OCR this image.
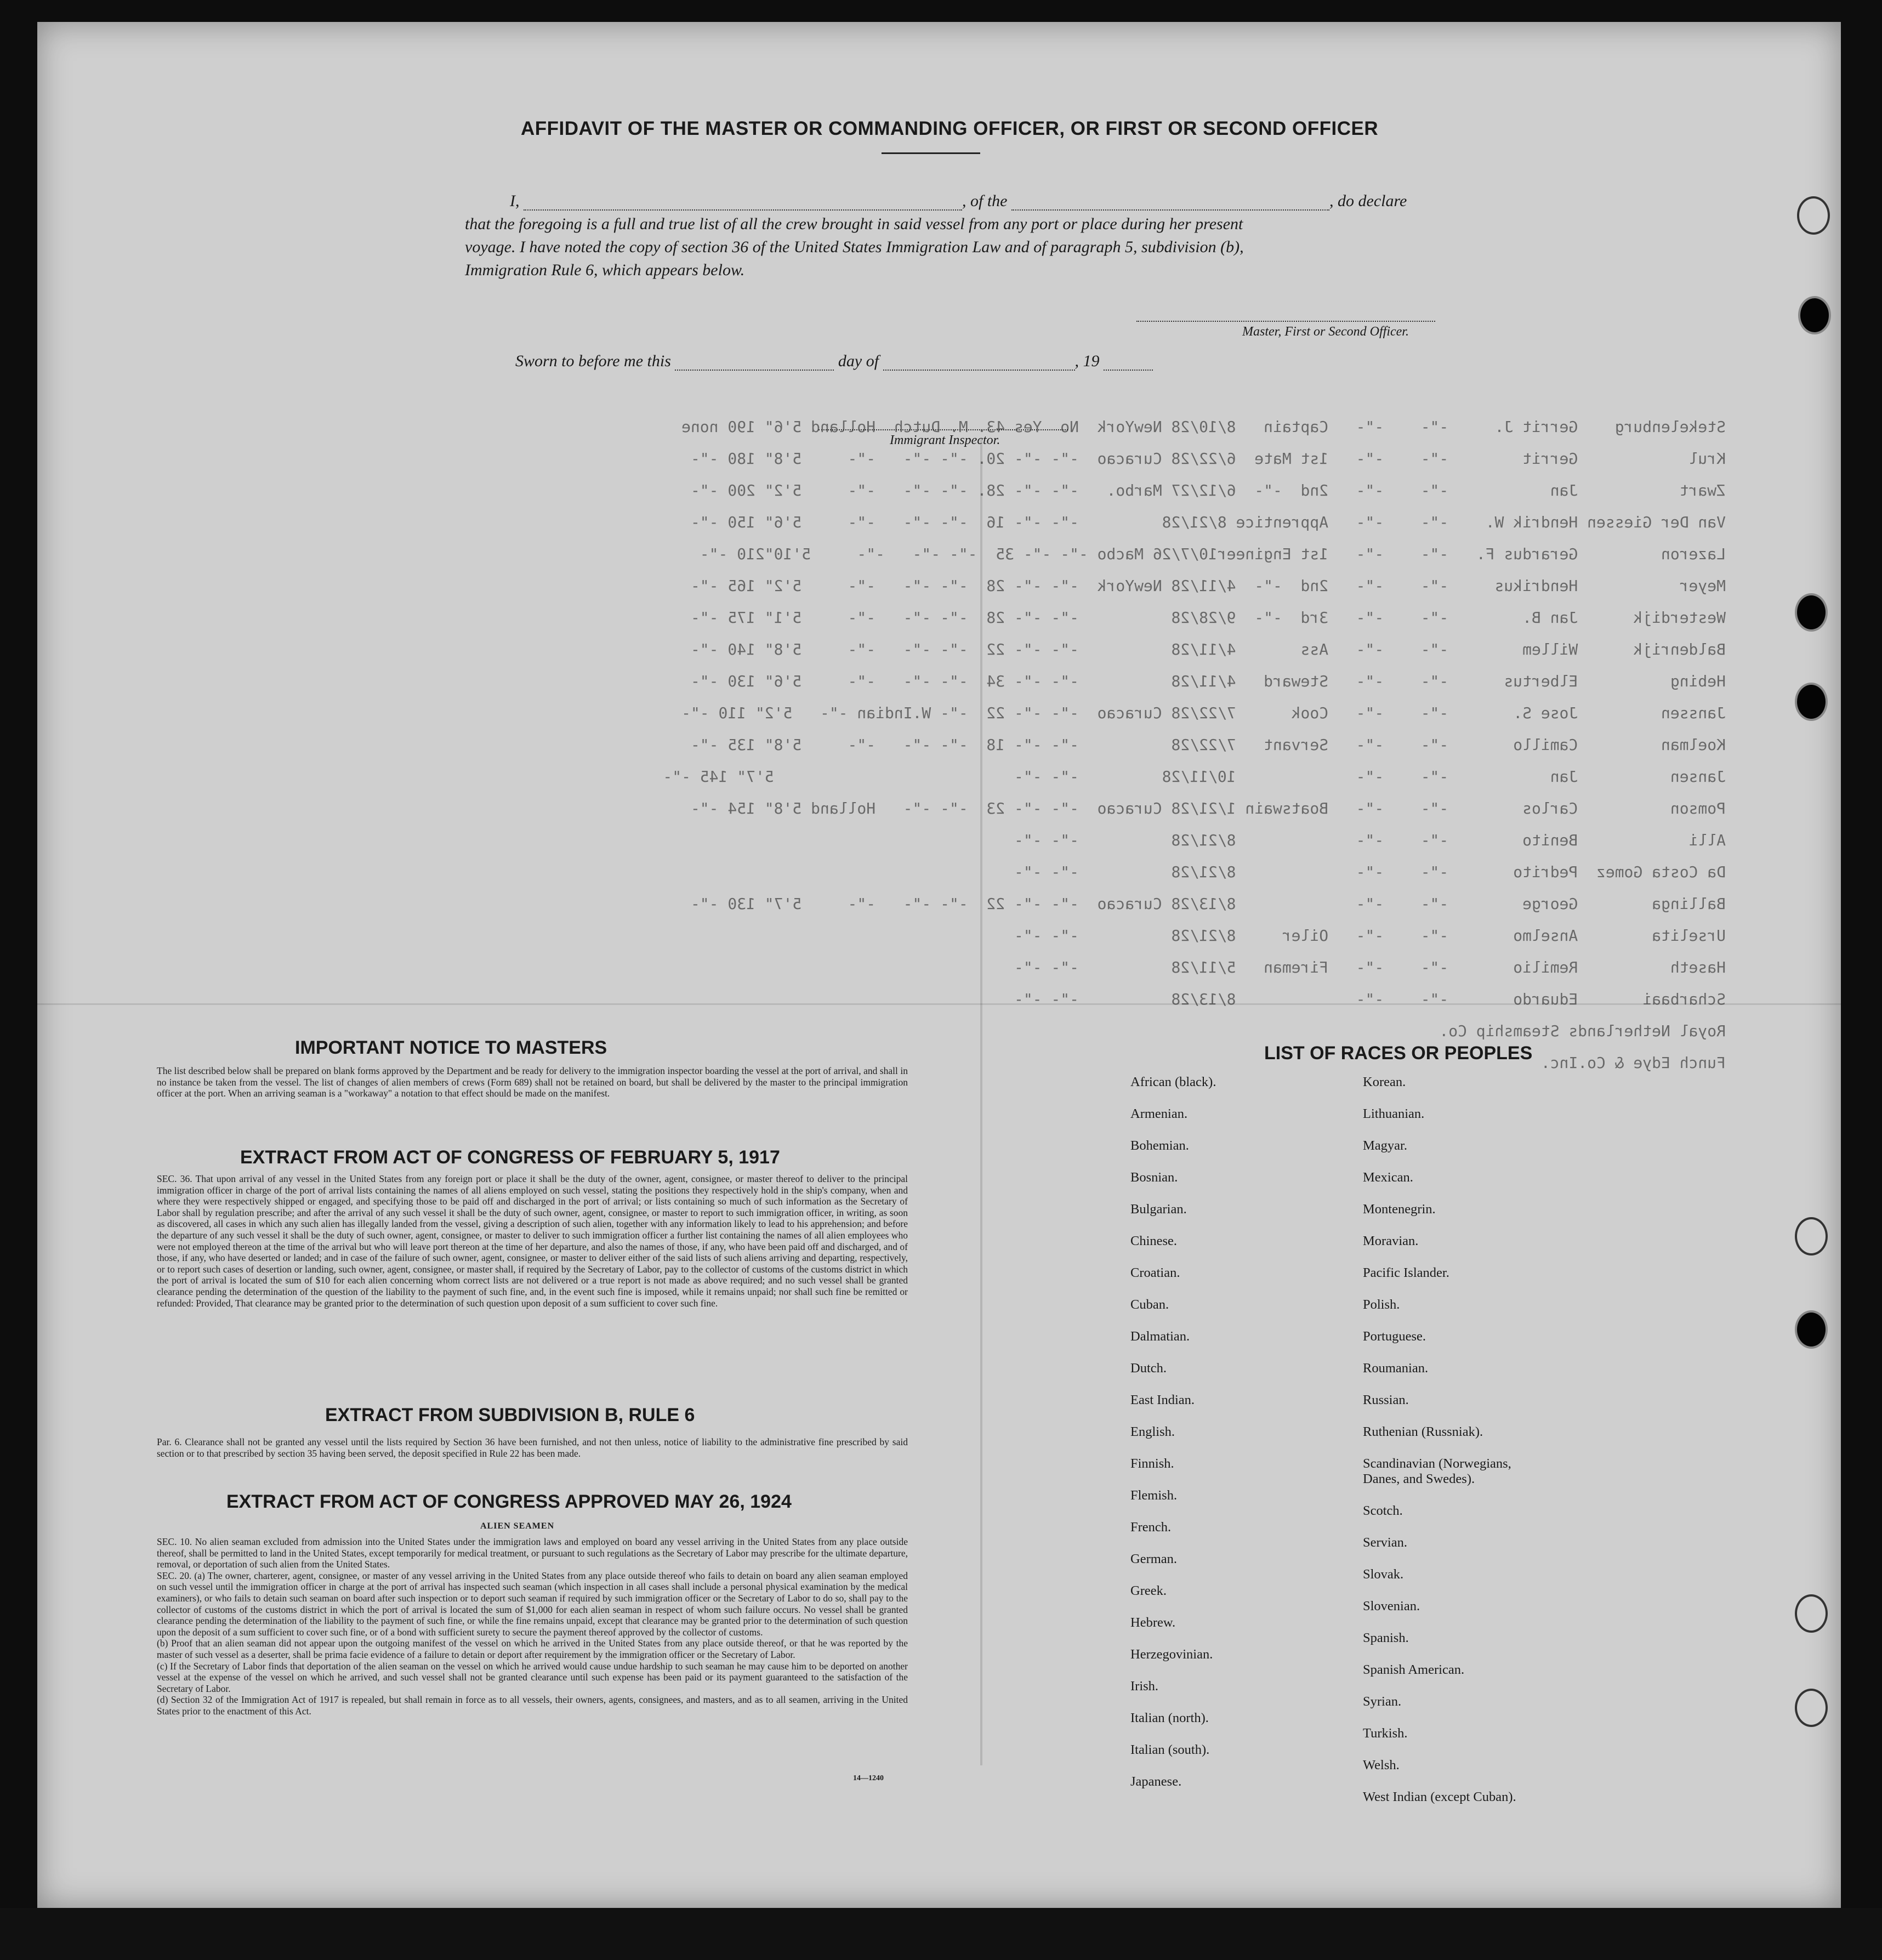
Stekelenburg    Gerrit J.     -"-    -"-   Captain   8/10/28 NewYork  No  Yes 43. M. Dutch  Holland 5'6" 190 none
Krul            Gerrit        -"-    -"-   1st Mate  6/22/28 Curacao  -"- -"- 20. -"- -"-   -"-     5'8" 180 -"-
Zwart           Jan           -"-    -"-   2nd  -"-  6/12/27 Marbo.   -"- -"- 28. -"- -"-   -"-     5'2" 200 -"-
Van Der Giessen Hendrik W.    -"-    -"-   Apprentice 8/21/28         -"- -"- 16  -"- -"-   -"-     5'6" 150 -"-
Lazeron         Gerardus F.   -"-    -"-   1st Engineer10/7/26 Macbo -"- -"- 35  -"- -"-   -"-     5'10"210 -"-
Meyer           Hendrikus     -"-    -"-   2nd  -"-  4/11/28 NewYork  -"- -"- 28  -"- -"-   -"-     5'2" 165 -"-
Westerdijk      Jan B.        -"-    -"-   3rd  -"-  9/28/28          -"- -"- 28  -"- -"-   -"-     5'1" 175 -"-
Baldenrijk      Willem        -"-    -"-   Ass       4/11/28          -"- -"- 22  -"- -"-   -"-     5'8" 140 -"-
Hebing          Elbertus      -"-    -"-   Steward   4/11/28          -"- -"- 34  -"- -"-   -"-     5'6" 130 -"-
Janssen         Jose S.       -"-    -"-   Cook      7/22/28 Curacao  -"- -"- 22  -"- W.Indian -"-   5'2" 110 -"-
Koelman         Camillo       -"-    -"-   Servant   7/22/28          -"- -"- 18  -"- -"-   -"-     5'8" 135 -"-
Jansen          Jan           -"-    -"-             10/11/28         -"- -"-                          5'7" 145 -"-
Pomson          Carlos        -"-    -"-   Boatswain 1/21/28 Curacao  -"- -"- 23  -"- -"-   Holland 5'8" 154 -"-
Alli            Benito        -"-    -"-             8/21/28          -"- -"-
Da Costa Gomez  Pedrito       -"-    -"-             8/21/28          -"- -"-
Ballinga        George        -"-    -"-             8/13/28 Curacao  -"- -"- 22  -"- -"-   -"-     5'7" 130 -"-
Urselita        Anselmo       -"-    -"-   Oiler     8/21/28          -"- -"-
Haseth          Remilio       -"-    -"-   Fireman   5/11/28          -"- -"-
Scharbaai       Eduardo       -"-    -"-             8/13/28          -"- -"-
Royal Netherlands Steamship Co.
Funch Edye & Co.Inc.
AFFIDAVIT OF THE MASTER OR COMMANDING OFFICER, OR FIRST OR SECOND OFFICER
I,	, of the	, do declare
that the foregoing is a full and true list of all the crew brought in said vessel from any port or place during her present
voyage. I have noted the copy of section 36 of the United States Immigration Law and of paragraph 5, subdivision (b),
Immigration Rule 6, which appears below.
Master, First or Second Officer.
Sworn to before me this	day of	, 19
Immigrant Inspector.
IMPORTANT NOTICE TO MASTERS
The list described below shall be prepared on blank forms approved by the Department and be ready for delivery to the immigration inspector boarding the vessel at the port of arrival, and shall in no instance be taken from the vessel. The list of changes of alien members of crews (Form 689) shall not be retained on board, but shall be delivered by the master to the principal immigration officer at the port. When an arriving seaman is a "workaway" a notation to that effect should be made on the manifest.
EXTRACT FROM ACT OF CONGRESS OF FEBRUARY 5, 1917
SEC. 36. That upon arrival of any vessel in the United States from any foreign port or place it shall be the duty of the owner, agent, consignee, or master thereof to deliver to the principal immigration officer in charge of the port of arrival lists containing the names of all aliens employed on such vessel, stating the positions they respectively hold in the ship's company, when and where they were respectively shipped or engaged, and specifying those to be paid off and discharged in the port of arrival; or lists containing so much of such information as the Secretary of Labor shall by regulation prescribe; and after the arrival of any such vessel it shall be the duty of such owner, agent, consignee, or master to report to such immigration officer, in writing, as soon as discovered, all cases in which any such alien has illegally landed from the vessel, giving a description of such alien, together with any information likely to lead to his apprehension; and before the departure of any such vessel it shall be the duty of such owner, agent, consignee, or master to deliver to such immigration officer a further list containing the names of all alien employees who were not employed thereon at the time of the arrival but who will leave port thereon at the time of her departure, and also the names of those, if any, who have been paid off and discharged, and of those, if any, who have deserted or landed; and in case of the failure of such owner, agent, consignee, or master to deliver either of the said lists of such aliens arriving and departing, respectively, or to report such cases of desertion or landing, such owner, agent, consignee, or master shall, if required by the Secretary of Labor, pay to the collector of customs of the customs district in which the port of arrival is located the sum of $10 for each alien concerning whom correct lists are not delivered or a true report is not made as above required; and no such vessel shall be granted clearance pending the determination of the question of the liability to the payment of such fine, and, in the event such fine is imposed, while it remains unpaid; nor shall such fine be remitted or refunded: Provided, That clearance may be granted prior to the determination of such question upon deposit of a sum sufficient to cover such fine.
EXTRACT FROM SUBDIVISION B, RULE 6
Par. 6. Clearance shall not be granted any vessel until the lists required by Section 36 have been furnished, and not then unless, notice of liability to the administrative fine prescribed by said section or to that prescribed by section 35 having been served, the deposit specified in Rule 22 has been made.
EXTRACT FROM ACT OF CONGRESS APPROVED MAY 26, 1924
ALIEN SEAMEN
SEC. 10. No alien seaman excluded from admission into the United States under the immigration laws and employed on board any vessel arriving in the United States from any place outside thereof, shall be permitted to land in the United States, except temporarily for medical treatment, or pursuant to such regulations as the Secretary of Labor may prescribe for the ultimate departure, removal, or deportation of such alien from the United States.
SEC. 20. (a) The owner, charterer, agent, consignee, or master of any vessel arriving in the United States from any place outside thereof who fails to detain on board any alien seaman employed on such vessel until the immigration officer in charge at the port of arrival has inspected such seaman (which inspection in all cases shall include a personal physical examination by the medical examiners), or who fails to detain such seaman on board after such inspection or to deport such seaman if required by such immigration officer or the Secretary of Labor to do so, shall pay to the collector of customs of the customs district in which the port of arrival is located the sum of $1,000 for each alien seaman in respect of whom such failure occurs. No vessel shall be granted clearance pending the determination of the liability to the payment of such fine, or while the fine remains unpaid, except that clearance may be granted prior to the determination of such question upon the deposit of a sum sufficient to cover such fine, or of a bond with sufficient surety to secure the payment thereof approved by the collector of customs.
(b) Proof that an alien seaman did not appear upon the outgoing manifest of the vessel on which he arrived in the United States from any place outside thereof, or that he was reported by the master of such vessel as a deserter, shall be prima facie evidence of a failure to detain or deport after requirement by the immigration officer or the Secretary of Labor.
(c) If the Secretary of Labor finds that deportation of the alien seaman on the vessel on which he arrived would cause undue hardship to such seaman he may cause him to be deported on another vessel at the expense of the vessel on which he arrived, and such vessel shall not be granted clearance until such expense has been paid or its payment guaranteed to the satisfaction of the Secretary of Labor.
(d) Section 32 of the Immigration Act of 1917 is repealed, but shall remain in force as to all vessels, their owners, agents, consignees, and masters, and as to all seamen, arriving in the United States prior to the enactment of this Act.
14—1240
LIST OF RACES OR PEOPLES
African (black).
Armenian.
Bohemian.
Bosnian.
Bulgarian.
Chinese.
Croatian.
Cuban.
Dalmatian.
Dutch.
East Indian.
English.
Finnish.
Flemish.
French.
German.
Greek.
Hebrew.
Herzegovinian.
Irish.
Italian (north).
Italian (south).
Japanese.
Korean.
Lithuanian.
Magyar.
Mexican.
Montenegrin.
Moravian.
Pacific Islander.
Polish.
Portuguese.
Roumanian.
Russian.
Ruthenian (Russniak).
Scandinavian (Norwegians,
Danes, and Swedes).
Scotch.
Servian.
Slovak.
Slovenian.
Spanish.
Spanish American.
Syrian.
Turkish.
Welsh.
West Indian (except Cuban).
